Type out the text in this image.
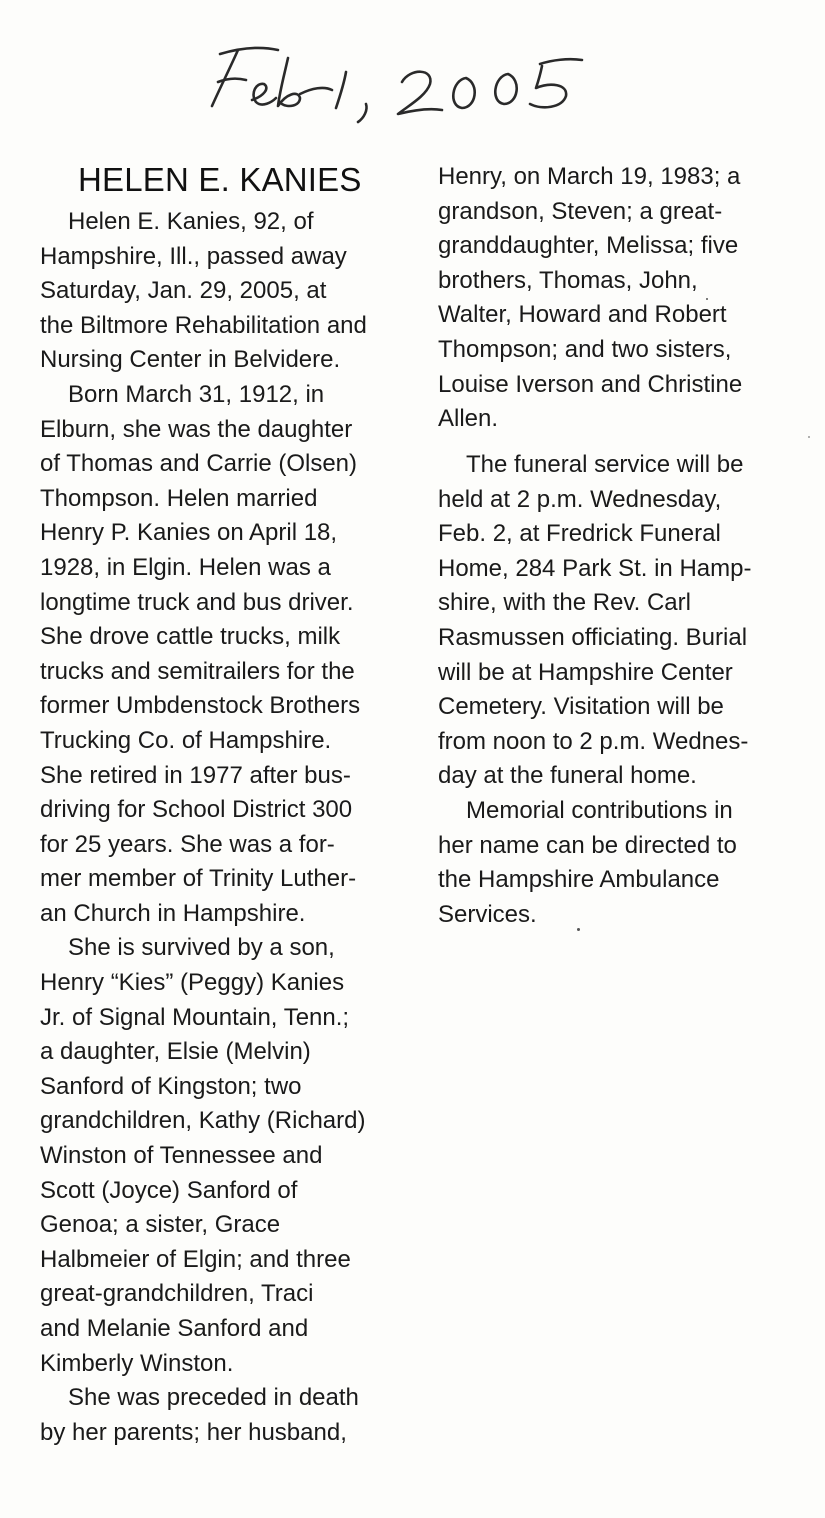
HELEN E. KANIES
Helen E. Kanies, 92, of
Hampshire, Ill., passed away
Saturday, Jan. 29, 2005, at
the Biltmore Rehabilitation and
Nursing Center in Belvidere.
Born March 31, 1912, in
Elburn, she was the daughter
of Thomas and Carrie (Olsen)
Thompson. Helen married
Henry P. Kanies on April 18,
1928, in Elgin. Helen was a
longtime truck and bus driver.
She drove cattle trucks, milk
trucks and semitrailers for the
former Umbdenstock Brothers
Trucking Co. of Hampshire.
She retired in 1977 after bus-
driving for School District 300
for 25 years. She was a for-
mer member of Trinity Luther-
an Church in Hampshire.
She is survived by a son,
Henry “Kies” (Peggy) Kanies
Jr. of Signal Mountain, Tenn.;
a daughter, Elsie (Melvin)
Sanford of Kingston; two
grandchildren, Kathy (Richard)
Winston of Tennessee and
Scott (Joyce) Sanford of
Genoa; a sister, Grace
Halbmeier of Elgin; and three
great-grandchildren, Traci
and Melanie Sanford and
Kimberly Winston.
She was preceded in death
by her parents; her husband,
Henry, on March 19, 1983; a
grandson, Steven; a great-
granddaughter, Melissa; five
brothers, Thomas, John,
Walter, Howard and Robert
Thompson; and two sisters,
Louise Iverson and Christine
Allen.
The funeral service will be
held at 2 p.m. Wednesday,
Feb. 2, at Fredrick Funeral
Home, 284 Park St. in Hamp-
shire, with the Rev. Carl
Rasmussen officiating. Burial
will be at Hampshire Center
Cemetery. Visitation will be
from noon to 2 p.m. Wednes-
day at the funeral home.
Memorial contributions in
her name can be directed to
the Hampshire Ambulance
Services.
